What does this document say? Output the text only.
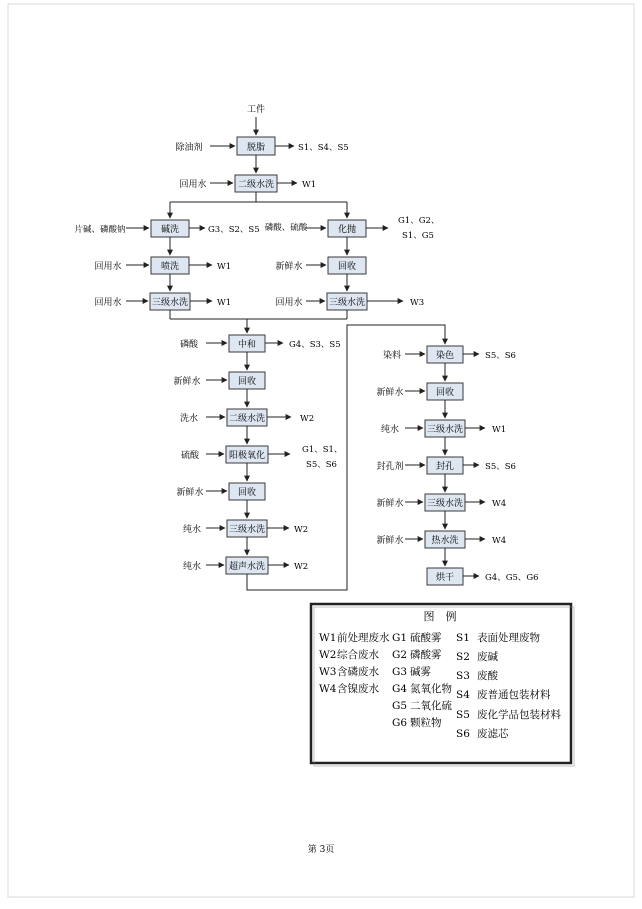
工件
脱脂
除油剂	S1、S4、S5
二级水洗
回用水	W1
碱洗
片碱、磷酸钠	G3、S2、S5
喷洗
回用水	W1
三级水洗
回用水	W1
化抛
磷酸、硫酸
G1、G2、
S1、G5
回收
新鲜水
三级水洗
回用水	W3
中和
磷酸	G4、S3、S5
回收
新鲜水
二级水洗
洗水	W2
阳极氧化
硫酸
G1、S1、
S5、S6
回收
新鲜水
三级水洗
纯水	W2
超声水洗
纯水	W2
染色
染料	S5、S6
回收
新鲜水
三级水洗
纯水	W1
封孔
封孔剂	S5、S6
三级水洗
新鲜水	W4
热水洗
新鲜水	W4
烘干	G4、G5、G6
图　例
W1 前处理废水
W2 综合废水
W3 含磷废水
W4 含镍废水
G1 硫酸雾
G2 磷酸雾
G3 碱雾
G4 氮氧化物
G5 二氧化硫
G6 颗粒物
S1 表面处理废物
S2 废碱
S3 废酸
S4 废普通包装材料
S5 废化学品包装材料
S6 废滤芯
第 3页
